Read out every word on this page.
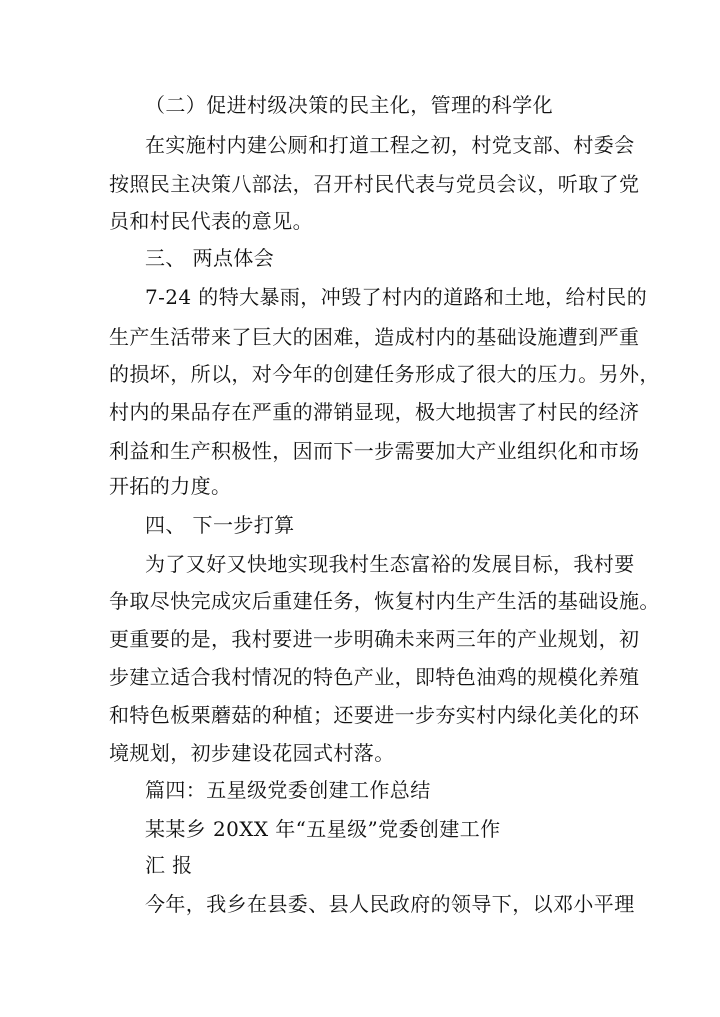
（二）促进村级决策的民主化，管理的科学化
在实施村内建公厕和打道工程之初，村党支部、村委会
按照民主决策八部法，召开村民代表与党员会议，听取了党
员和村民代表的意见。
三、 两点体会
7-24 的特大暴雨，冲毁了村内的道路和土地，给村民的
生产生活带来了巨大的困难，造成村内的基础设施遭到严重
的损坏，所以，对今年的创建任务形成了很大的压力。另外，
村内的果品存在严重的滞销显现，极大地损害了村民的经济
利益和生产积极性，因而下一步需要加大产业组织化和市场
开拓的力度。
四、 下一步打算
为了又好又快地实现我村生态富裕的发展目标，我村要
争取尽快完成灾后重建任务，恢复村内生产生活的基础设施。
更重要的是，我村要进一步明确未来两三年的产业规划，初
步建立适合我村情况的特色产业，即特色油鸡的规模化养殖
和特色板栗蘑菇的种植；还要进一步夯实村内绿化美化的环
境规划，初步建设花园式村落。
篇四：五星级党委创建工作总结
某某乡 20XX 年“五星级”党委创建工作
汇 报
今年，我乡在县委、县人民政府的领导下，以邓小平理
